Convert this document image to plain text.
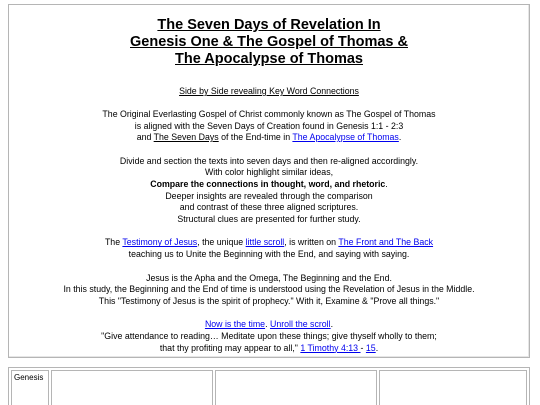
The Seven Days of Revelation In
Genesis One & The Gospel of Thomas &
The Apocalypse of Thomas
Side by Side revealing Key Word Connections

The Original Everlasting Gospel of Christ commonly known as The Gospel of Thomas

is aligned with the Seven Days of Creation found in Genesis 1:1 - 2:3

and The Seven Days of the End-time in The Apocalypse of Thomas.

Divide and section the texts into seven days and then re-aligned accordingly.

With color highlight similar ideas,

Compare the connections in thought, word, and rhetoric.

Deeper insights are revealed through the comparison

and contrast of these three aligned scriptures.

Structural clues are presented for further study.

The Testimony of Jesus, the unique little scroll, is written on The Front and The Back

teaching us to Unite the Beginning with the End, and saying with saying.

Jesus is the Apha and the Omega, The Beginning and the End.

In this study, the Beginning and the End of time is understood using the Revelation of Jesus in the Middle.

This "Testimony of Jesus is the spirit of prophecy." With it, Examine & "Prove all things."

Now is the time. Unroll the scroll.

"Give attendance to reading… Meditate upon these things; give thyself wholly to them;

that thy profiting may appear to all," 1 Timothy 4:13 - 15.

Genesis
